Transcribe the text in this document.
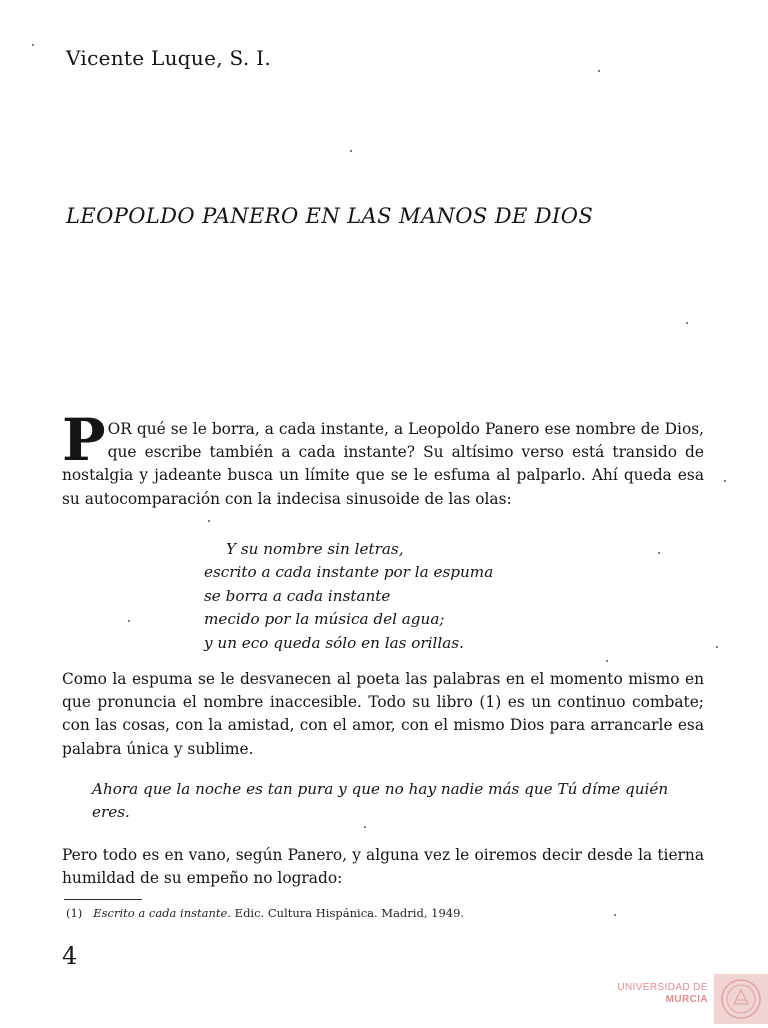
Vicente Luque, S. I.
LEOPOLDO PANERO EN LAS MANOS DE DIOS
POR qué se le borra, a cada instante, a Leopoldo Panero ese nombre de Dios, que escribe también a cada instante? Su altísimo verso está transido de nostalgia y jadeante busca un límite que se le esfuma al palparlo. Ahí queda esa su autocomparación con la indecisa sinusoide de las olas:
Y su nombre sin letras,
escrito a cada instante por la espuma
se borra a cada instante
mecido por la música del agua;
y un eco queda sólo en las orillas.
Como la espuma se le desvanecen al poeta las palabras en el momento mismo en que pronuncia el nombre inaccesible. Todo su libro (1) es un continuo combate; con las cosas, con la amistad, con el amor, con el mismo Dios para arrancarle esa palabra única y sublime.
Ahora que la noche es tan pura y que no hay nadie más que Tú díme quién eres.
Pero todo es en vano, según Panero, y alguna vez le oiremos decir desde la tierna humildad de su empeño no logrado:
(1) Escrito a cada instante. Edic. Cultura Hispánica. Madrid, 1949.
4
UNIVERSIDAD DE
MURCIA
